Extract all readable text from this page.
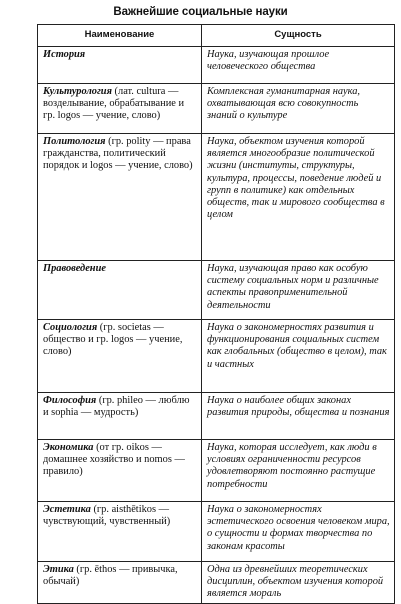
Важнейшие социальные науки
Наименование	Сущность
История	Наука, изучающая прошлое человеческого общества
Культурология (лат. cultura — возделывание, обрабатывание и гр. logos — учение, слово)	Комплексная гуманитарная наука, охватывающая всю совокупность знаний о культуре
Политология (гр. polity — права гражданства, политический порядок и logos — учение, слово)	Наука, объектом изучения которой является многообразие политической жизни (институты, структуры, культура, процессы, поведение людей и групп в политике) как отдельных обществ, так и мирового сообщества в целом
Правоведение	Наука, изучающая право как особую систему социальных норм и различные аспекты правоприменительной деятельности
Социология (гр. societas — общество и гр. logos — учение, слово)	Наука о закономерностях развития и функционирования социальных систем как глобальных (общество в целом), так и частных
Философия (гр. phileo — люблю и sophia — мудрость)	Наука о наиболее общих законах развития природы, общества и познания
Экономика (от гр. oikos — домашнее хозяйство и nomos — правило)	Наука, которая исследует, как люди в условиях ограниченности ресурсов удовлетворяют постоянно растущие потребности
Эстетика (гр. aisthētikos — чувствующий, чувственный)	Наука о закономерностях эстетического освоения человеком мира, о сущности и формах творчества по законам красоты
Этика (гр. ēthos — привычка, обычай)	Одна из древнейших теоретических дисциплин, объектом изучения которой является мораль
